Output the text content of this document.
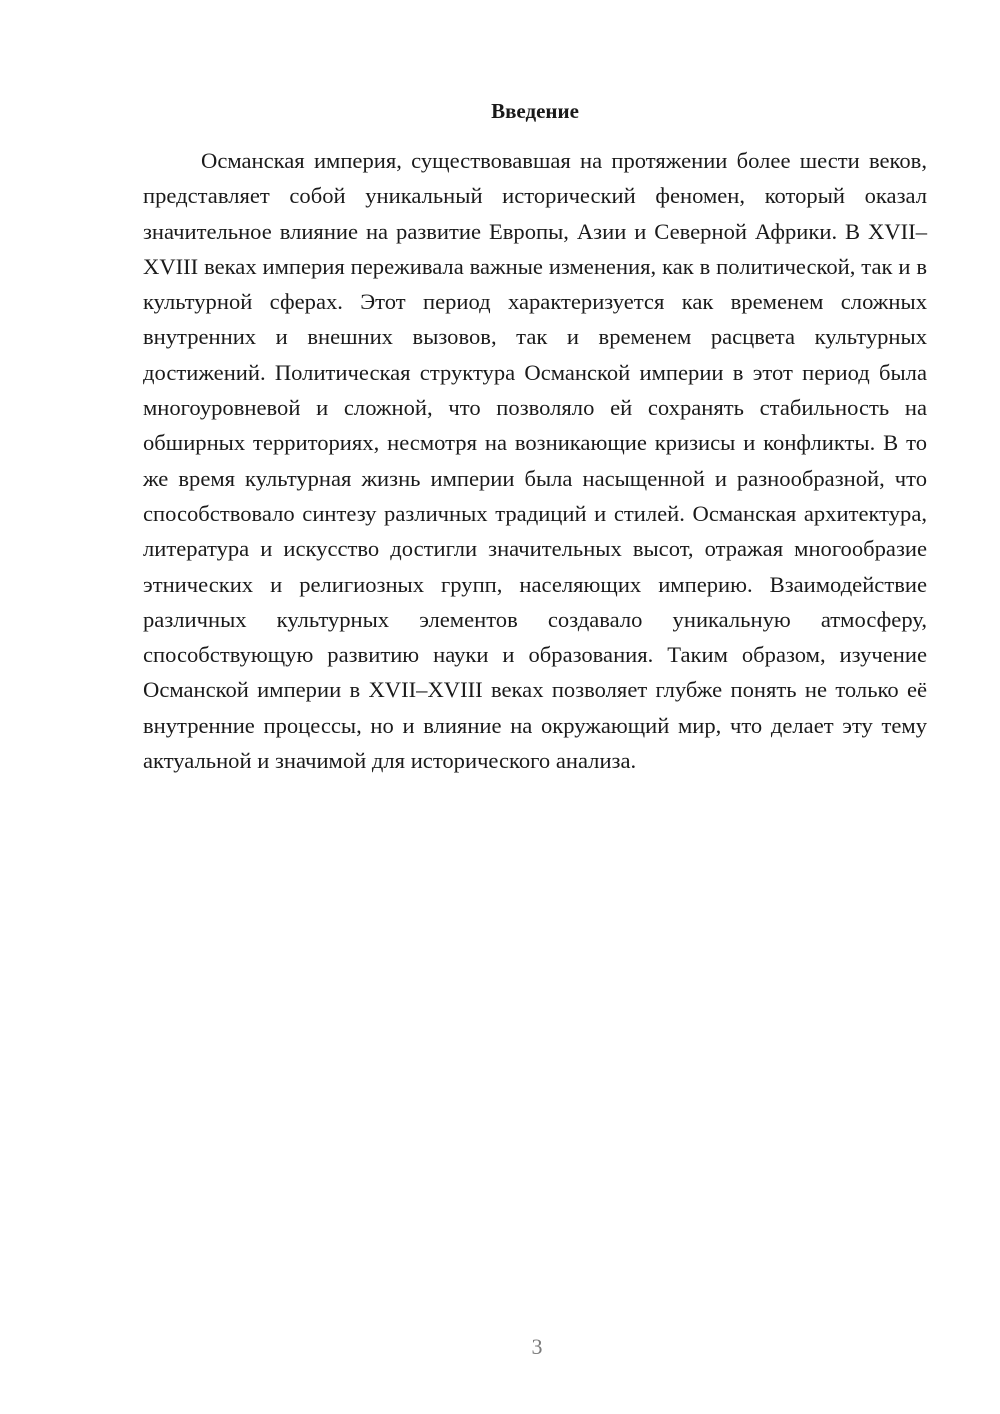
Введение

Османская империя, существовавшая на протяжении более шести веков, представляет собой уникальный исторический феномен, который оказал значительное влияние на развитие Европы, Азии и Северной Африки. В XVII–XVIII веках империя переживала важные изменения, как в политической, так и в культурной сферах. Этот период характеризуется как временем сложных внутренних и внешних вызовов, так и временем расцвета культурных достижений. Политическая структура Османской империи в этот период была многоуровневой и сложной, что позволяло ей сохранять стабильность на обширных территориях, несмотря на возникающие кризисы и конфликты. В то же время культурная жизнь империи была насыщенной и разнообразной, что способствовало синтезу различных традиций и стилей. Османская архитектура, литература и искусство достигли значительных высот, отражая многообразие этнических и религиозных групп, населяющих империю. Взаимодействие различных культурных элементов создавало уникальную атмосферу, способствующую развитию науки и образования. Таким образом, изучение Османской империи в XVII–XVIII веках позволяет глубже понять не только её внутренние процессы, но и влияние на окружающий мир, что делает эту тему актуальной и значимой для исторического анализа.

3
